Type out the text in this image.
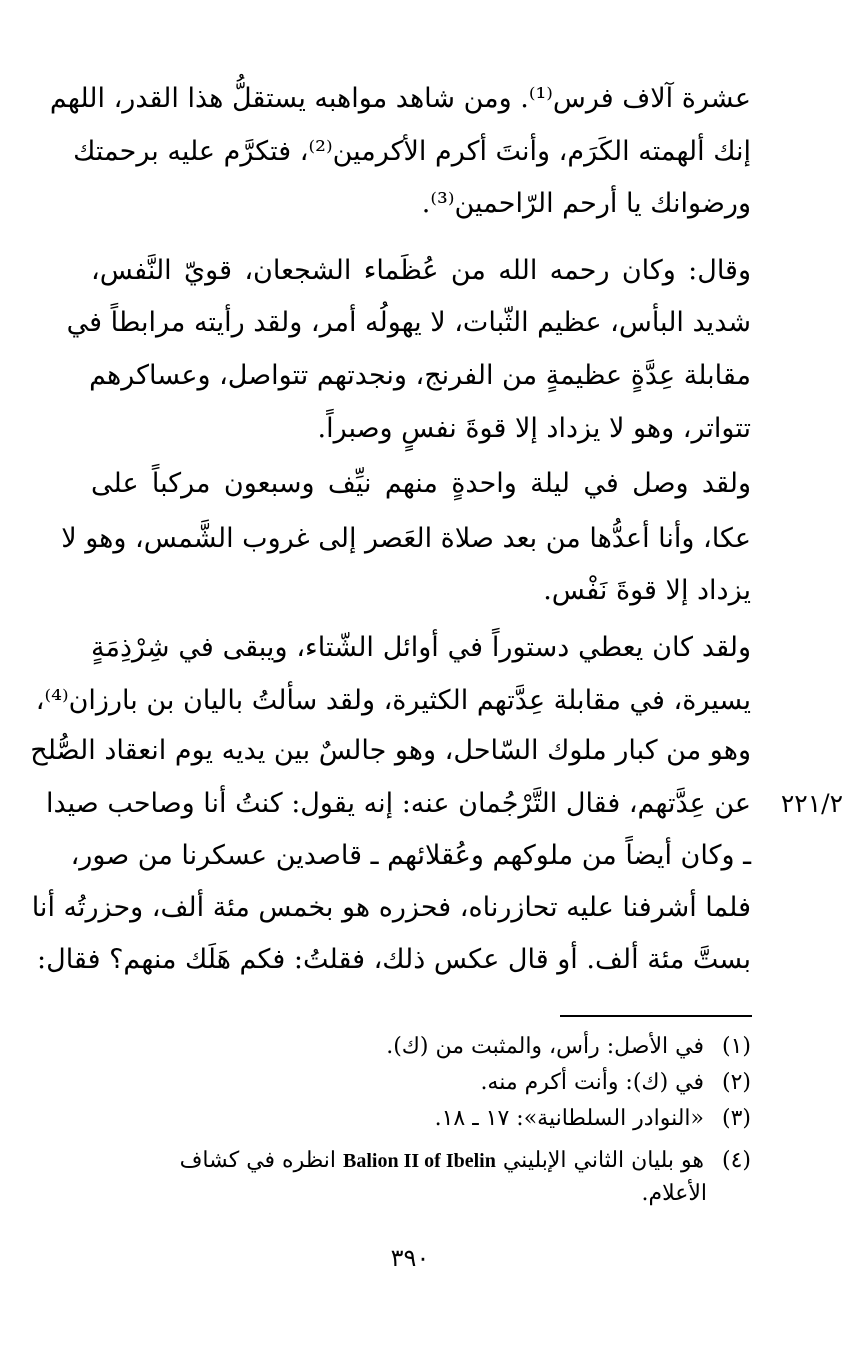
عشرة آلاف فرس⁽¹⁾. ومن شاهد مواهبه يستقلُّ هذا القدر، اللهم
إنك ألهمته الكَرَم، وأنتَ أكرم الأكرمين⁽²⁾، فتكرَّم عليه برحمتك
ورضوانك يا أرحم الرّاحمين⁽³⁾.
وقال: وكان رحمه الله من عُظَماء الشجعان، قويّ النَّفس،
شديد البأس، عظيم الثّبات، لا يهولُه أمر، ولقد رأيته مرابطاً في
مقابلة عِدَّةٍ عظيمةٍ من الفرنج، ونجدتهم تتواصل، وعساكرهم
تتواتر، وهو لا يزداد إلا قوةَ نفسٍ وصبراً.
ولقد وصل في ليلة واحدةٍ منهم نيِّف وسبعون مركباً على
عكا، وأنا أعدُّها من بعد صلاة العَصر إلى غروب الشَّمس، وهو لا
يزداد إلا قوةَ نَفْس.
ولقد كان يعطي دستوراً في أوائل الشّتاء، ويبقى في شِرْذِمَةٍ
يسيرة، في مقابلة عِدَّتهم الكثيرة، ولقد سألتُ باليان بن بارزان⁽⁴⁾،
وهو من كبار ملوك السّاحل، وهو جالسٌ بين يديه يوم انعقاد الصُّلح
عن عِدَّتهم، فقال التَّرْجُمان عنه: إنه يقول: كنتُ أنا وصاحب صيدا ٢٢١/٢
ـ وكان أيضاً من ملوكهم وعُقلائهم ـ قاصدين عسكرنا من صور،
فلما أشرفنا عليه تحازرناه، فحزره هو بخمس مئة ألف، وحزرتُه أنا
بستَّ مئة ألف. أو قال عكس ذلك، فقلتُ: فكم هَلَك منهم؟ فقال:
(١) في الأصل: رأس، والمثبت من (ك).
(٢) في (ك): وأنت أكرم منه.
(٣) «النوادر السلطانية»: ١٧ ـ ١٨.
(٤) هو بليان الثاني الإبليني Balion II of Ibelin انظره في كشاف
الأعلام.
٣٩٠
